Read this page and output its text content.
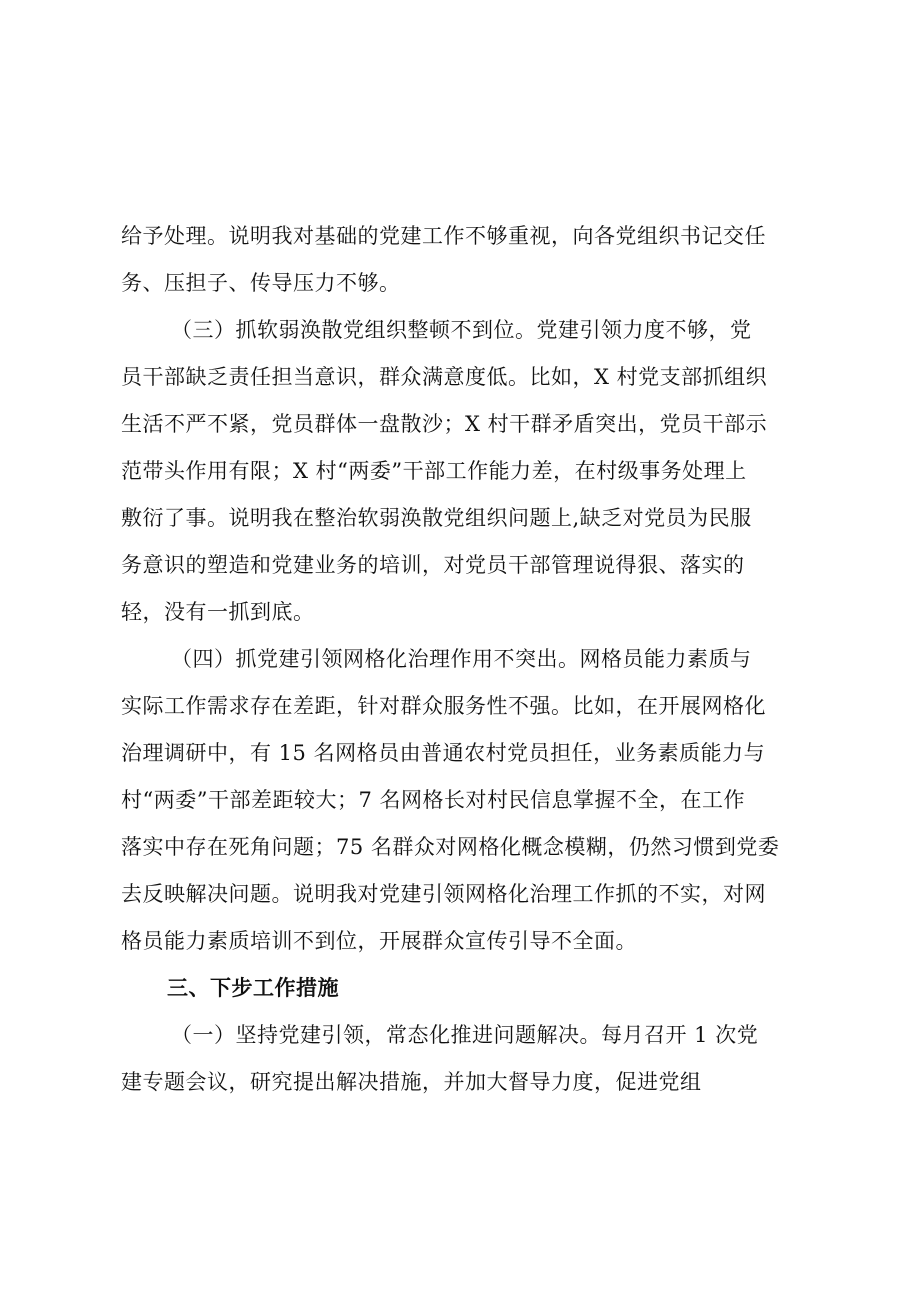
给予处理。说明我对基础的党建工作不够重视，向各党组织书记交任
务、压担子、传导压力不够。
（三）抓软弱涣散党组织整顿不到位。党建引领力度不够，党
员干部缺乏责任担当意识，群众满意度低。比如，X 村党支部抓组织
生活不严不紧，党员群体一盘散沙；X 村干群矛盾突出，党员干部示
范带头作用有限；X 村“两委”干部工作能力差，在村级事务处理上
敷衍了事。说明我在整治软弱涣散党组织问题上,缺乏对党员为民服
务意识的塑造和党建业务的培训，对党员干部管理说得狠、落实的
轻，没有一抓到底。
（四）抓党建引领网格化治理作用不突出。网格员能力素质与
实际工作需求存在差距，针对群众服务性不强。比如，在开展网格化
治理调研中，有 15 名网格员由普通农村党员担任，业务素质能力与
村“两委”干部差距较大；7 名网格长对村民信息掌握不全，在工作
落实中存在死角问题；75 名群众对网格化概念模糊，仍然习惯到党委
去反映解决问题。说明我对党建引领网格化治理工作抓的不实，对网
格员能力素质培训不到位，开展群众宣传引导不全面。
三、下步工作措施
（一）坚持党建引领，常态化推进问题解决。每月召开 1 次党
建专题会议，研究提出解决措施，并加大督导力度，促进党组
